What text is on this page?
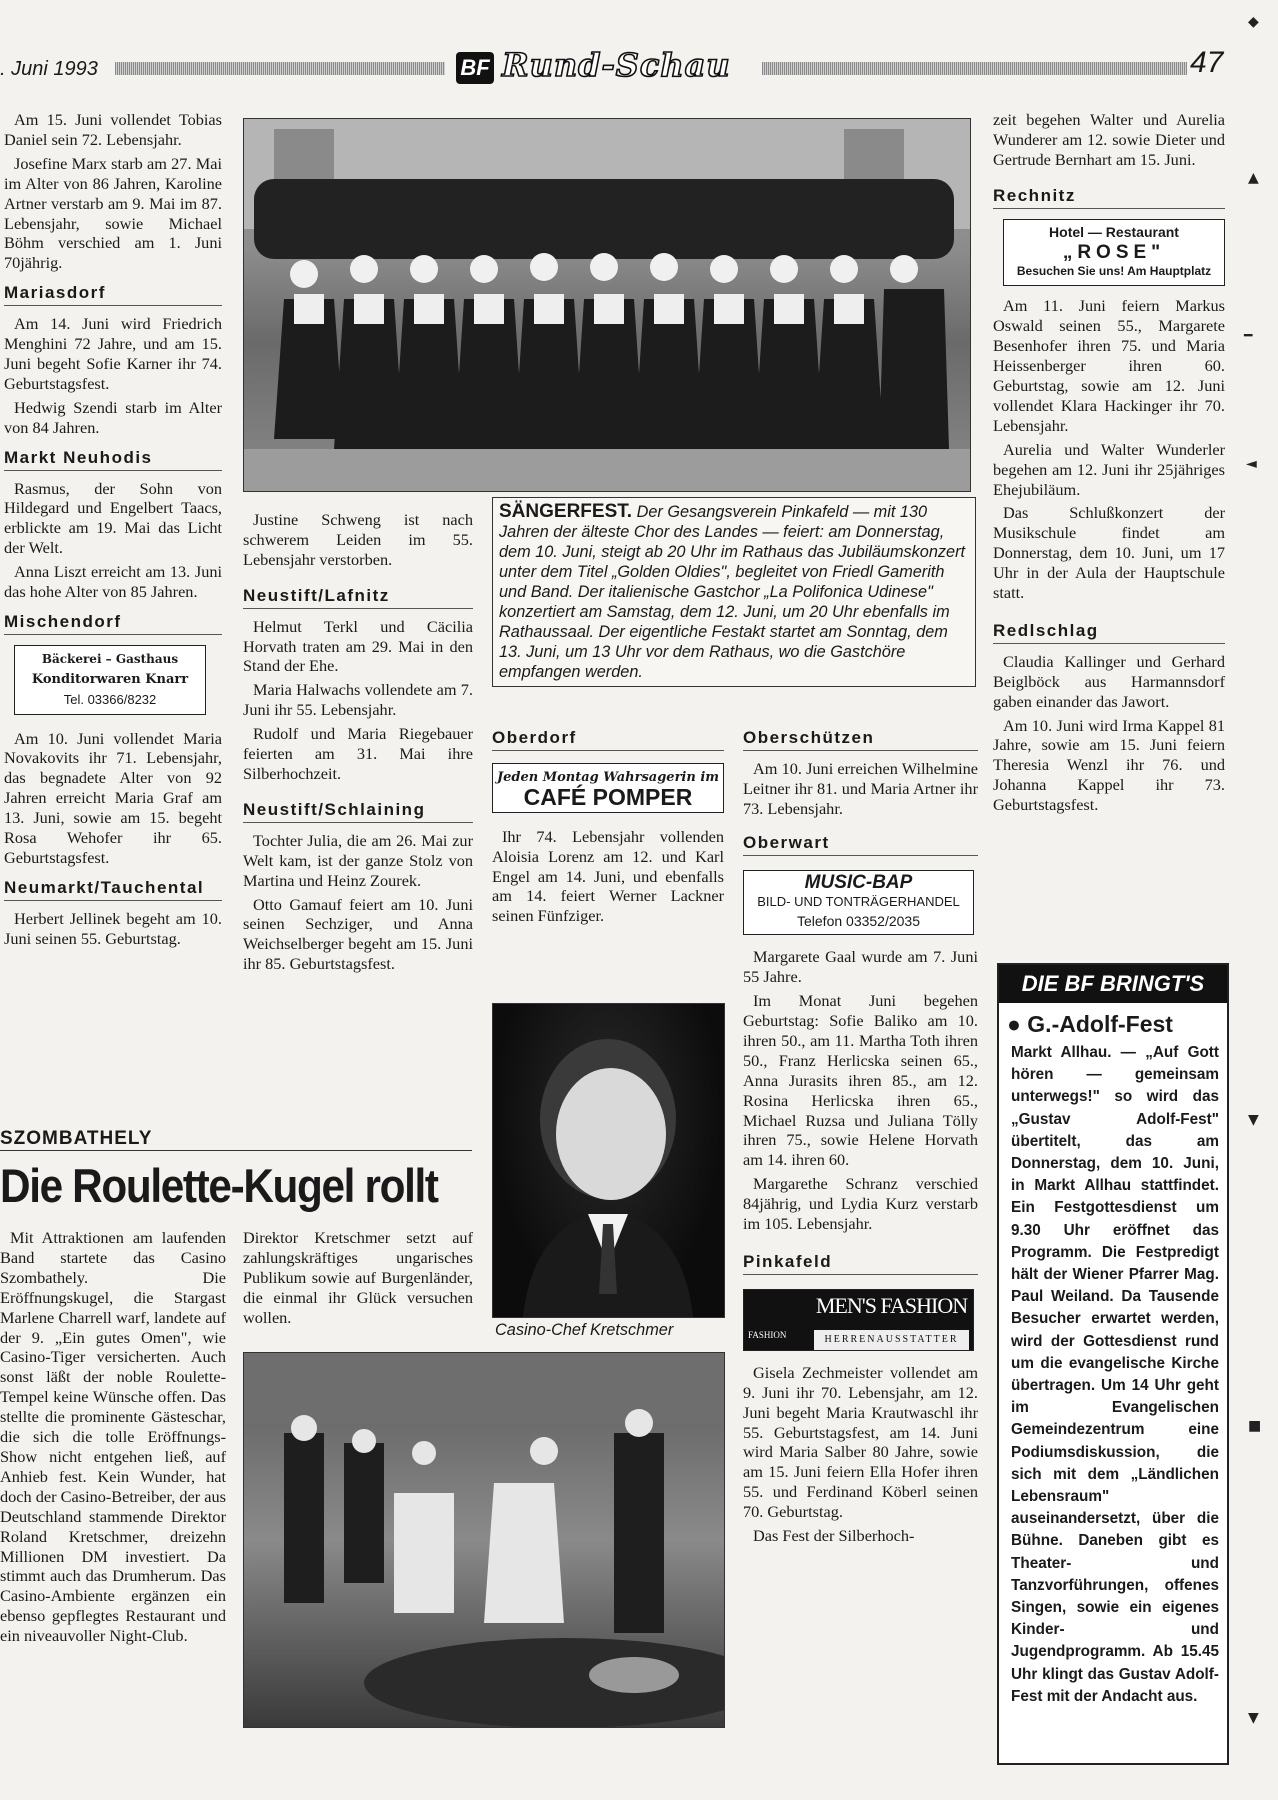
. Juni 1993	BF Rund-Schau	47

Am 15. Juni vollendet Tobias Daniel sein 72. Lebensjahr.

Josefine Marx starb am 27. Mai im Alter von 86 Jahren, Karoline Artner verstarb am 9. Mai im 87. Lebensjahr, sowie Michael Böhm verschied am 1. Juni 70jährig.

Mariasdorf

Am 14. Juni wird Friedrich Menghini 72 Jahre, und am 15. Juni begeht Sofie Karner ihr 74. Geburtstagsfest.

Hedwig Szendi starb im Alter von 84 Jahren.

Markt Neuhodis

Rasmus, der Sohn von Hildegard und Engelbert Taacs, erblickte am 19. Mai das Licht der Welt.

Anna Liszt erreicht am 13. Juni das hohe Alter von 85 Jahren.

Mischendorf
Bäckerei – Gasthaus
Konditorwaren Knarr
Tel. 03366/8232

Am 10. Juni vollendet Maria Novakovits ihr 71. Lebensjahr, das begnadete Alter von 92 Jahren erreicht Maria Graf am 13. Juni, sowie am 15. begeht Rosa Wehofer ihr 65. Geburtstagsfest.

Neumarkt/Tauchental

Herbert Jellinek begeht am 10. Juni seinen 55. Geburtstag.

SÄNGERFEST. Der Gesangsverein Pinkafeld — mit 130 Jahren der älteste Chor des Landes — feiert: am Donnerstag, dem 10. Juni, steigt ab 20 Uhr im Rathaus das Jubiläumskonzert unter dem Titel „Golden Oldies", begleitet von Friedl Gamerith und Band. Der italienische Gastchor „La Polifonica Udinese" konzertiert am Samstag, dem 12. Juni, um 20 Uhr ebenfalls im Rathaussaal. Der eigentliche Festakt startet am Sonntag, dem 13. Juni, um 13 Uhr vor dem Rathaus, wo die Gastchöre empfangen werden.

Justine Schweng ist nach schwerem Leiden im 55. Lebensjahr verstorben.

Neustift/Lafnitz

Helmut Terkl und Cäcilia Horvath traten am 29. Mai in den Stand der Ehe.

Maria Halwachs vollendete am 7. Juni ihr 55. Lebensjahr.

Rudolf und Maria Riegebauer feierten am 31. Mai ihre Silberhochzeit.

Neustift/Schlaining

Tochter Julia, die am 26. Mai zur Welt kam, ist der ganze Stolz von Martina und Heinz Zourek.

Otto Gamauf feiert am 10. Juni seinen Sechziger, und Anna Weichselberger begeht am 15. Juni ihr 85. Geburtstagsfest.

Oberdorf
Jeden Montag Wahrsagerin im
CAFÉ POMPER

Ihr 74. Lebensjahr vollenden Aloisia Lorenz am 12. und Karl Engel am 14. Juni, und ebenfalls am 14. feiert Werner Lackner seinen Fünfziger.

Casino-Chef Kretschmer
Oberschützen

Am 10. Juni erreichen Wilhelmine Leitner ihr 81. und Maria Artner ihr 73. Lebensjahr.

Oberwart
MUSIC-BAP
BILD- UND TONTRÄGERHANDEL
Telefon 03352/2035

Margarete Gaal wurde am 7. Juni 55 Jahre.

Im Monat Juni begehen Geburtstag: Sofie Baliko am 10. ihren 50., am 11. Martha Toth ihren 50., Franz Herlicska seinen 65., Anna Jurasits ihren 85., am 12. Rosina Herlicska ihren 65., Michael Ruzsa und Juliana Tölly ihren 75., sowie Helene Horvath am 14. ihren 60.

Margarethe Schranz verschied 84jährig, und Lydia Kurz verstarb im 105. Lebensjahr.

Pinkafeld
FASHION
MEN'S FASHION
HERRENAUSSTATTER

Gisela Zechmeister vollendet am 9. Juni ihr 70. Lebensjahr, am 12. Juni begeht Maria Krautwaschl ihr 55. Geburtstagsfest, am 14. Juni wird Maria Salber 80 Jahre, sowie am 15. Juni feiern Ella Hofer ihren 55. und Ferdinand Köberl seinen 70. Geburtstag.

Das Fest der Silberhoch-

zeit begehen Walter und Aurelia Wunderer am 12. sowie Dieter und Gertrude Bernhart am 15. Juni.

Rechnitz
Hotel — Restaurant
„ROSE"
Besuchen Sie uns! Am Hauptplatz

Am 11. Juni feiern Markus Oswald seinen 55., Margarete Besenhofer ihren 75. und Maria Heissenberger ihren 60. Geburtstag, sowie am 12. Juni vollendet Klara Hackinger ihr 70. Lebensjahr.

Aurelia und Walter Wunderler begehen am 12. Juni ihr 25jähriges Ehejubiläum.

Das Schlußkonzert der Musikschule findet am Donnerstag, dem 10. Juni, um 17 Uhr in der Aula der Hauptschule statt.

Redlschlag

Claudia Kallinger und Gerhard Beiglböck aus Harmannsdorf gaben einander das Jawort.

Am 10. Juni wird Irma Kappel 81 Jahre, sowie am 15. Juni feiern Theresia Wenzl ihr 76. und Johanna Kappel ihr 73. Geburtstagsfest.

DIE BF BRINGT'S
● G.-Adolf-Fest

Markt Allhau. — „Auf Gott hören — gemeinsam unterwegs!" so wird das „Gustav Adolf-Fest" übertitelt, das am Donnerstag, dem 10. Juni, in Markt Allhau stattfindet. Ein Festgottesdienst um 9.30 Uhr eröffnet das Programm. Die Festpredigt hält der Wiener Pfarrer Mag. Paul Weiland. Da Tausende Besucher erwartet werden, wird der Gottesdienst rund um die evangelische Kirche übertragen. Um 14 Uhr geht im Evangelischen Gemeindezentrum eine Podiumsdiskussion, die sich mit dem „Ländlichen Lebensraum" auseinandersetzt, über die Bühne. Daneben gibt es Theater- und Tanzvorführungen, offenes Singen, sowie ein eigenes Kinder- und Jugendprogramm. Ab 15.45 Uhr klingt das Gustav Adolf-Fest mit der Andacht aus.

SZOMBATHELY
Die Roulette-Kugel rollt

Mit Attraktionen am laufenden Band startete das Casino Szombathely. Die Eröffnungskugel, die Stargast Marlene Charrell warf, landete auf der 9. „Ein gutes Omen", wie Casino-Tiger versicherten. Auch sonst läßt der noble Roulette-Tempel keine Wünsche offen. Das stellte die prominente Gästeschar, die sich die tolle Eröffnungs-Show nicht entgehen ließ, auf Anhieb fest. Kein Wunder, hat doch der Casino-Betreiber, der aus Deutschland stammende Direktor Roland Kretschmer, dreizehn Millionen DM investiert. Da stimmt auch das Drumherum. Das Casino-Ambiente ergänzen ein ebenso gepflegtes Restaurant und ein niveauvoller Night-Club.

Direktor Kretschmer setzt auf zahlungskräftiges ungarisches Publikum sowie auf Burgenländer, die einmal ihr Glück versuchen wollen.

◆
▲
━
◄
▼
■
▼
